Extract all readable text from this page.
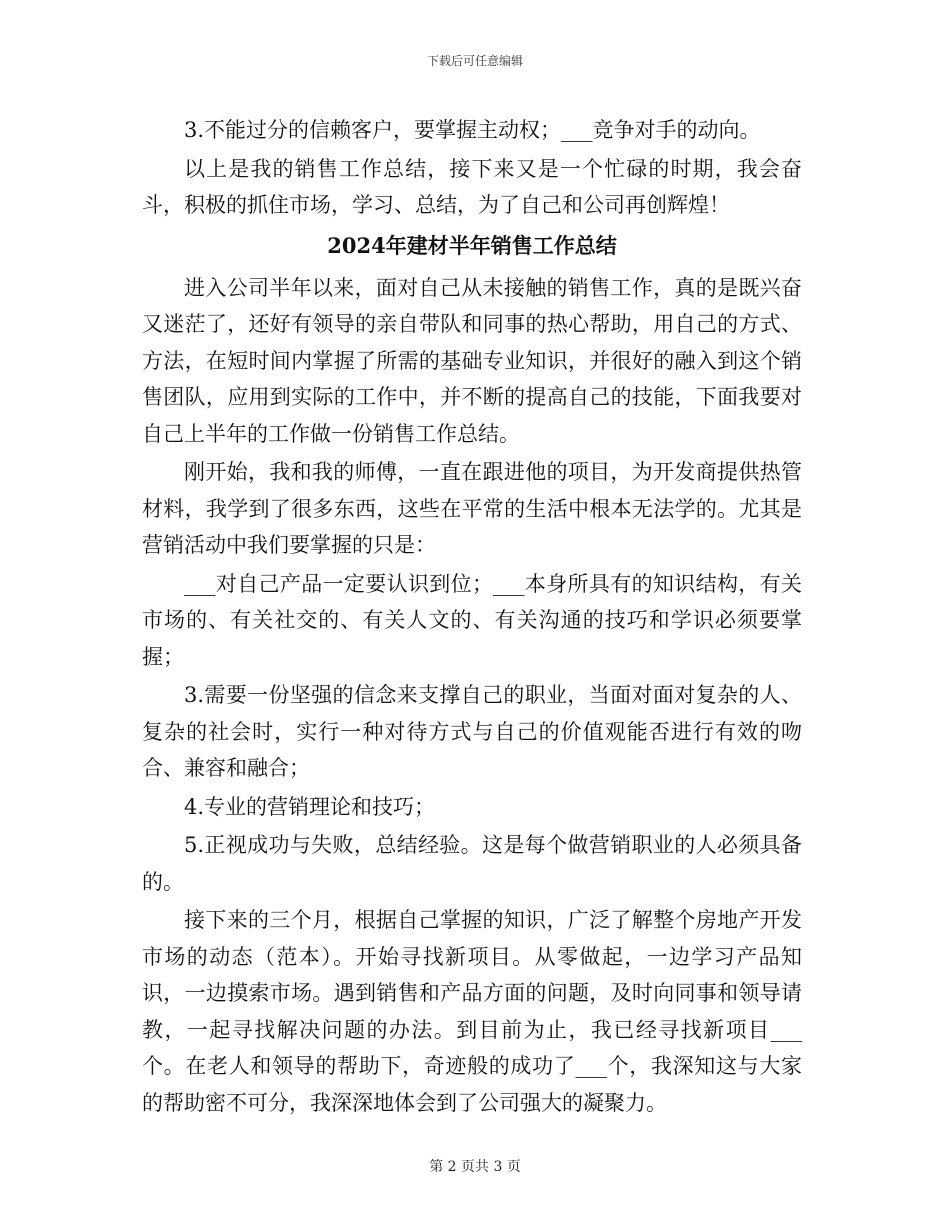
下载后可任意编辑

3.不能过分的信赖客户，要掌握主动权；___竞争对手的动向。

以上是我的销售工作总结，接下来又是一个忙碌的时期，我会奋斗，积极的抓住市场，学习、总结，为了自己和公司再创辉煌！

2024年建材半年销售工作总结

进入公司半年以来，面对自己从未接触的销售工作，真的是既兴奋又迷茫了，还好有领导的亲自带队和同事的热心帮助，用自己的方式、方法，在短时间内掌握了所需的基础专业知识，并很好的融入到这个销售团队，应用到实际的工作中，并不断的提高自己的技能，下面我要对自己上半年的工作做一份销售工作总结。

刚开始，我和我的师傅，一直在跟进他的项目，为开发商提供热管材料，我学到了很多东西，这些在平常的生活中根本无法学的。尤其是营销活动中我们要掌握的只是：

___对自己产品一定要认识到位；___本身所具有的知识结构，有关市场的、有关社交的、有关人文的、有关沟通的技巧和学识必须要掌握；

3.需要一份坚强的信念来支撑自己的职业，当面对面对复杂的人、复杂的社会时，实行一种对待方式与自己的价值观能否进行有效的吻合、兼容和融合；

4.专业的营销理论和技巧；

5.正视成功与失败，总结经验。这是每个做营销职业的人必须具备的。

接下来的三个月，根据自己掌握的知识，广泛了解整个房地产开发市场的动态（范本）。开始寻找新项目。从零做起，一边学习产品知识，一边摸索市场。遇到销售和产品方面的问题，及时向同事和领导请教，一起寻找解决问题的办法。到目前为止，我已经寻找新项目___个。在老人和领导的帮助下，奇迹般的成功了___个，我深知这与大家的帮助密不可分，我深深地体会到了公司强大的凝聚力。

第 2 页共 3 页
